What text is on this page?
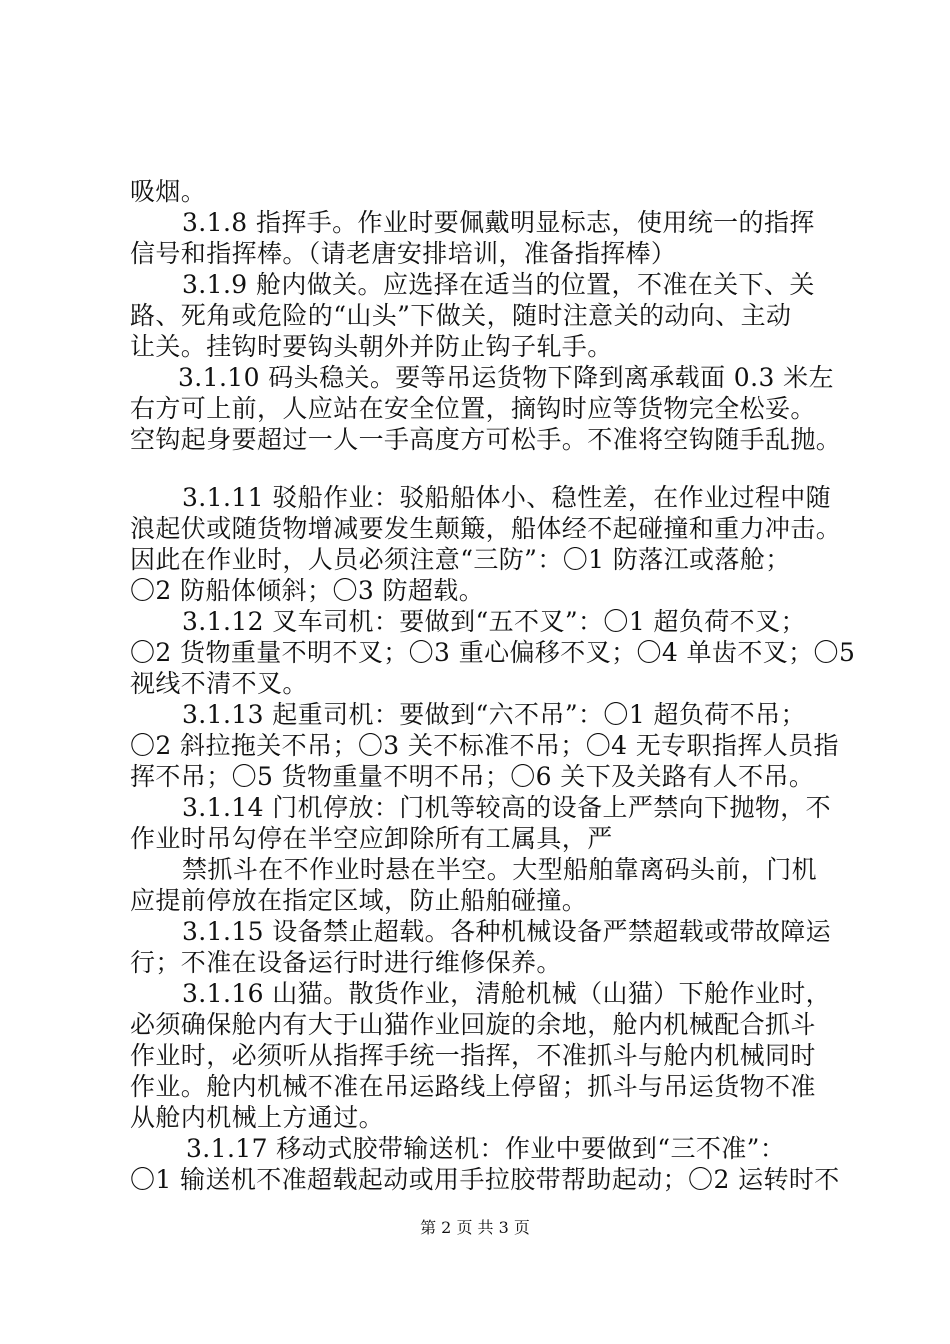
吸烟。
3.1.8 指挥手。作业时要佩戴明显标志，使用统一的指挥
信号和指挥棒。（请老唐安排培训，准备指挥棒）
3.1.9 舱内做关。应选择在适当的位置，不准在关下、关
路、死角或危险的“山头”下做关，随时注意关的动向、主动
让关。挂钩时要钩头朝外并防止钩子轧手。
3.1.10 码头稳关。要等吊运货物下降到离承载面 0.3 米左
右方可上前，人应站在安全位置，摘钩时应等货物完全松妥。
空钩起身要超过一人一手高度方可松手。不准将空钩随手乱抛。
3.1.11 驳船作业：驳船船体小、稳性差，在作业过程中随
浪起伏或随货物增减要发生颠簸，船体经不起碰撞和重力冲击。
因此在作业时，人员必须注意“三防”：〇1 防落江或落舱；
〇2 防船体倾斜；〇3 防超载。
3.1.12 叉车司机：要做到“五不叉”：〇1 超负荷不叉；
〇2 货物重量不明不叉；〇3 重心偏移不叉；〇4 单齿不叉；〇5
视线不清不叉。
3.1.13 起重司机：要做到“六不吊”：〇1 超负荷不吊；
〇2 斜拉拖关不吊；〇3 关不标准不吊；〇4 无专职指挥人员指
挥不吊；〇5 货物重量不明不吊；〇6 关下及关路有人不吊。
3.1.14 门机停放：门机等较高的设备上严禁向下抛物，不
作业时吊勾停在半空应卸除所有工属具，严
禁抓斗在不作业时悬在半空。大型船舶靠离码头前，门机
应提前停放在指定区域，防止船舶碰撞。
3.1.15 设备禁止超载。各种机械设备严禁超载或带故障运
行；不准在设备运行时进行维修保养。
3.1.16 山猫。散货作业，清舱机械（山猫）下舱作业时，
必须确保舱内有大于山猫作业回旋的余地，舱内机械配合抓斗
作业时，必须听从指挥手统一指挥，不准抓斗与舱内机械同时
作业。舱内机械不准在吊运路线上停留；抓斗与吊运货物不准
从舱内机械上方通过。
3.1.17 移动式胶带输送机：作业中要做到“三不准”：
〇1 输送机不准超载起动或用手拉胶带帮助起动；〇2 运转时不
第 2 页 共 3 页
